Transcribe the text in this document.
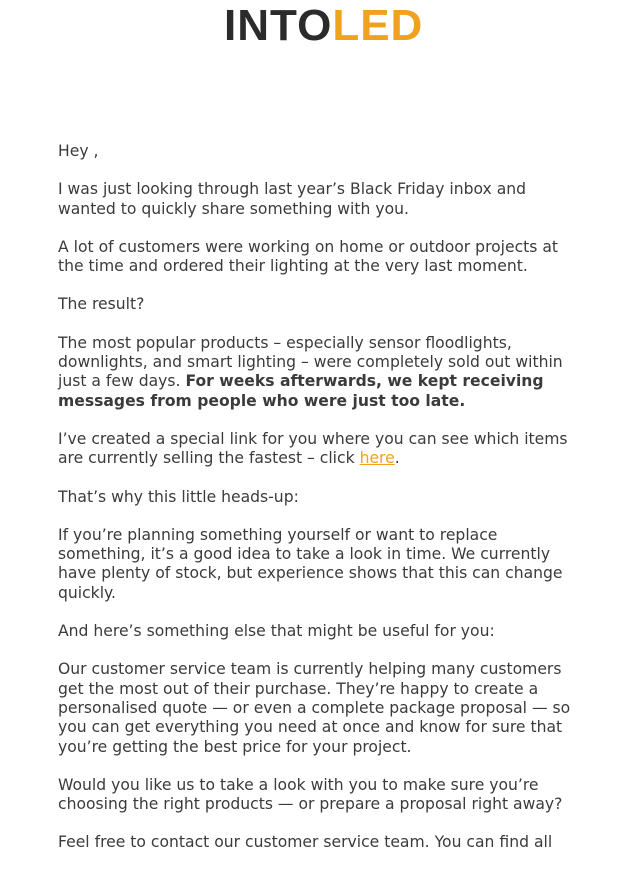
INTO LED

Hey ,

I was just looking through last year’s Black Friday inbox and wanted to quickly share something with you.

A lot of customers were working on home or outdoor projects at the time and ordered their lighting at the very last moment.

The result?

The most popular products – especially sensor floodlights, downlights, and smart lighting – were completely sold out within just a few days. For weeks afterwards, we kept receiving messages from people who were just too late.

I’ve created a special link for you where you can see which items are currently selling the fastest – click here.

That’s why this little heads-up:

If you’re planning something yourself or want to replace something, it’s a good idea to take a look in time. We currently have plenty of stock, but experience shows that this can change quickly.

And here’s something else that might be useful for you:

Our customer service team is currently helping many customers get the most out of their purchase. They’re happy to create a personalised quote — or even a complete package proposal — so you can get everything you need at once and know for sure that you’re getting the best price for your project.

Would you like us to take a look with you to make sure you’re choosing the right products — or prepare a proposal right away?

Feel free to contact our customer service team. You can find all
